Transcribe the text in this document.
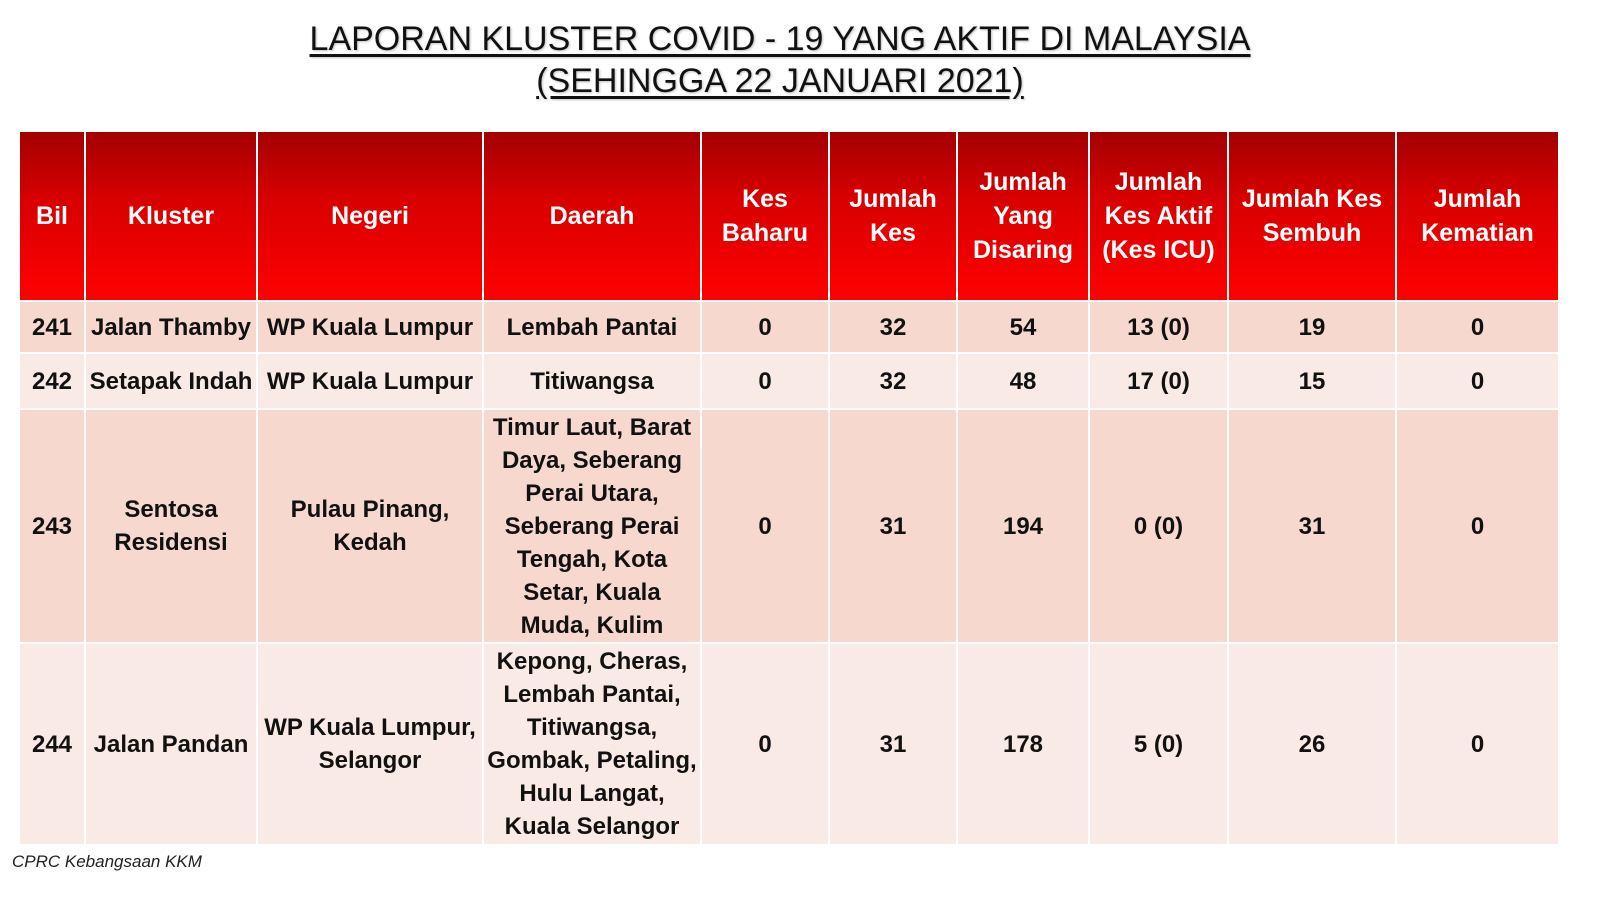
LAPORAN KLUSTER COVID - 19 YANG AKTIF DI MALAYSIA
(SEHINGGA 22 JANUARI 2021)
Bil	Kluster	Negeri	Daerah	Kes Baharu	Jumlah Kes	Jumlah Yang Disaring	Jumlah Kes Aktif (Kes ICU)	Jumlah Kes Sembuh	Jumlah Kematian
241	Jalan Thamby	WP Kuala Lumpur	Lembah Pantai	0	32	54	13 (0)	19	0
242	Setapak Indah	WP Kuala Lumpur	Titiwangsa	0	32	48	17 (0)	15	0
243	Sentosa Residensi	Pulau Pinang, Kedah	Timur Laut, Barat Daya, Seberang Perai Utara, Seberang Perai Tengah, Kota Setar, Kuala Muda, Kulim	0	31	194	0 (0)	31	0
244	Jalan Pandan	WP Kuala Lumpur, Selangor	Kepong, Cheras, Lembah Pantai, Titiwangsa, Gombak, Petaling, Hulu Langat, Kuala Selangor	0	31	178	5 (0)	26	0
CPRC Kebangsaan KKM
